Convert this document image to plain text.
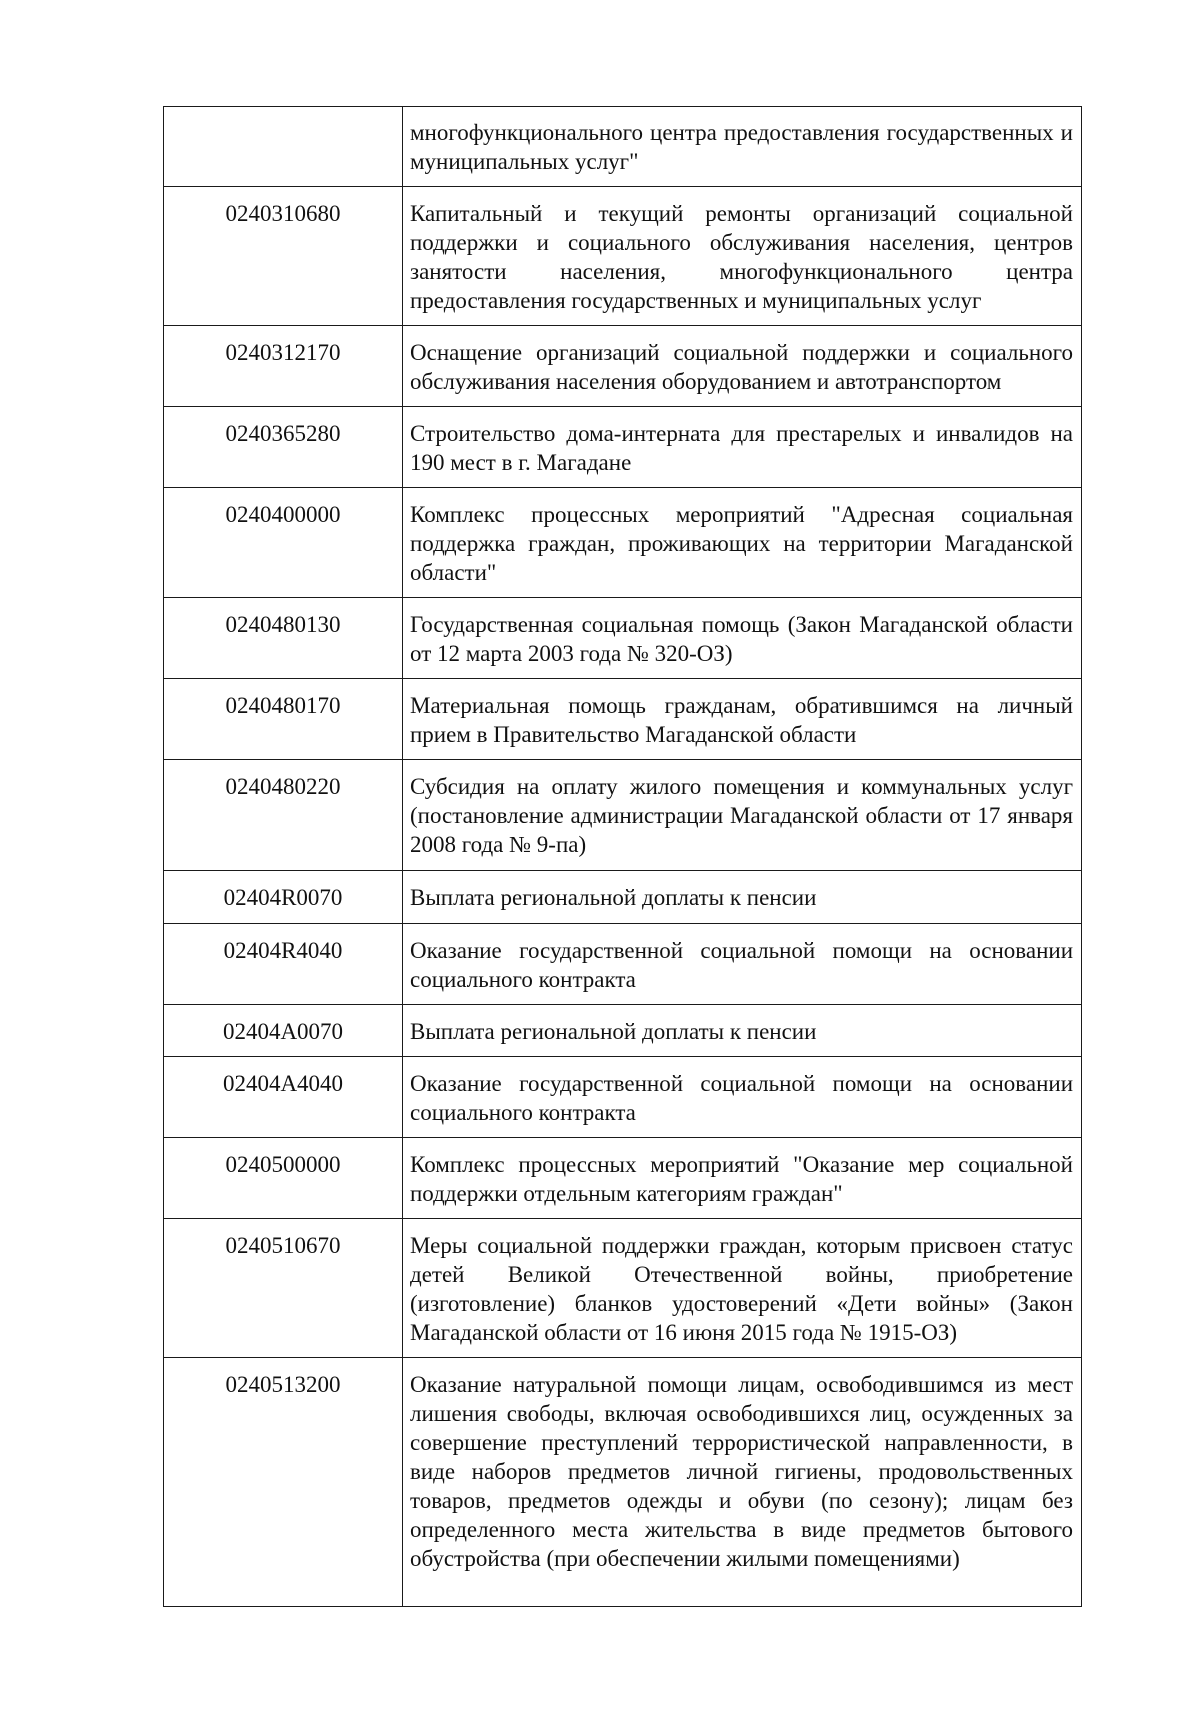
	многофункционального центра предоставления государственных и муниципальных услуг"
0240310680	Капитальный и текущий ремонты организаций социальной поддержки и социального обслуживания населения, центров занятости населения, многофункционального центра предоставления государственных и муниципальных услуг
0240312170	Оснащение организаций социальной поддержки и социального обслуживания населения оборудованием и автотранспортом
0240365280	Строительство дома-интерната для престарелых и инвалидов на 190 мест в г. Магадане
0240400000	Комплекс процессных мероприятий "Адресная социальная поддержка граждан, проживающих на территории Магаданской области"
0240480130	Государственная социальная помощь (Закон Магаданской области от 12 марта 2003 года № 320-ОЗ)
0240480170	Материальная помощь гражданам, обратившимся на личный прием в Правительство Магаданской области
0240480220	Субсидия на оплату жилого помещения и коммунальных услуг (постановление администрации Магаданской области от 17 января 2008 года № 9-па)
02404R0070	Выплата региональной доплаты к пенсии
02404R4040	Оказание государственной социальной помощи на основании социального контракта
02404A0070	Выплата региональной доплаты к пенсии
02404A4040	Оказание государственной социальной помощи на основании социального контракта
0240500000	Комплекс процессных мероприятий "Оказание мер социальной поддержки отдельным категориям граждан"
0240510670	Меры социальной поддержки граждан, которым присвоен статус детей Великой Отечественной войны, приобретение (изготовление) бланков удостоверений «Дети войны» (Закон Магаданской области от 16 июня 2015 года № 1915-ОЗ)
0240513200	Оказание натуральной помощи лицам, освободившимся из мест лишения свободы, включая освободившихся лиц, осужденных за совершение преступлений террористической направленности, в виде наборов предметов личной гигиены, продовольственных товаров, предметов одежды и обуви (по сезону); лицам без определенного места жительства в виде предметов бытового обустройства (при обеспечении жилыми помещениями)
